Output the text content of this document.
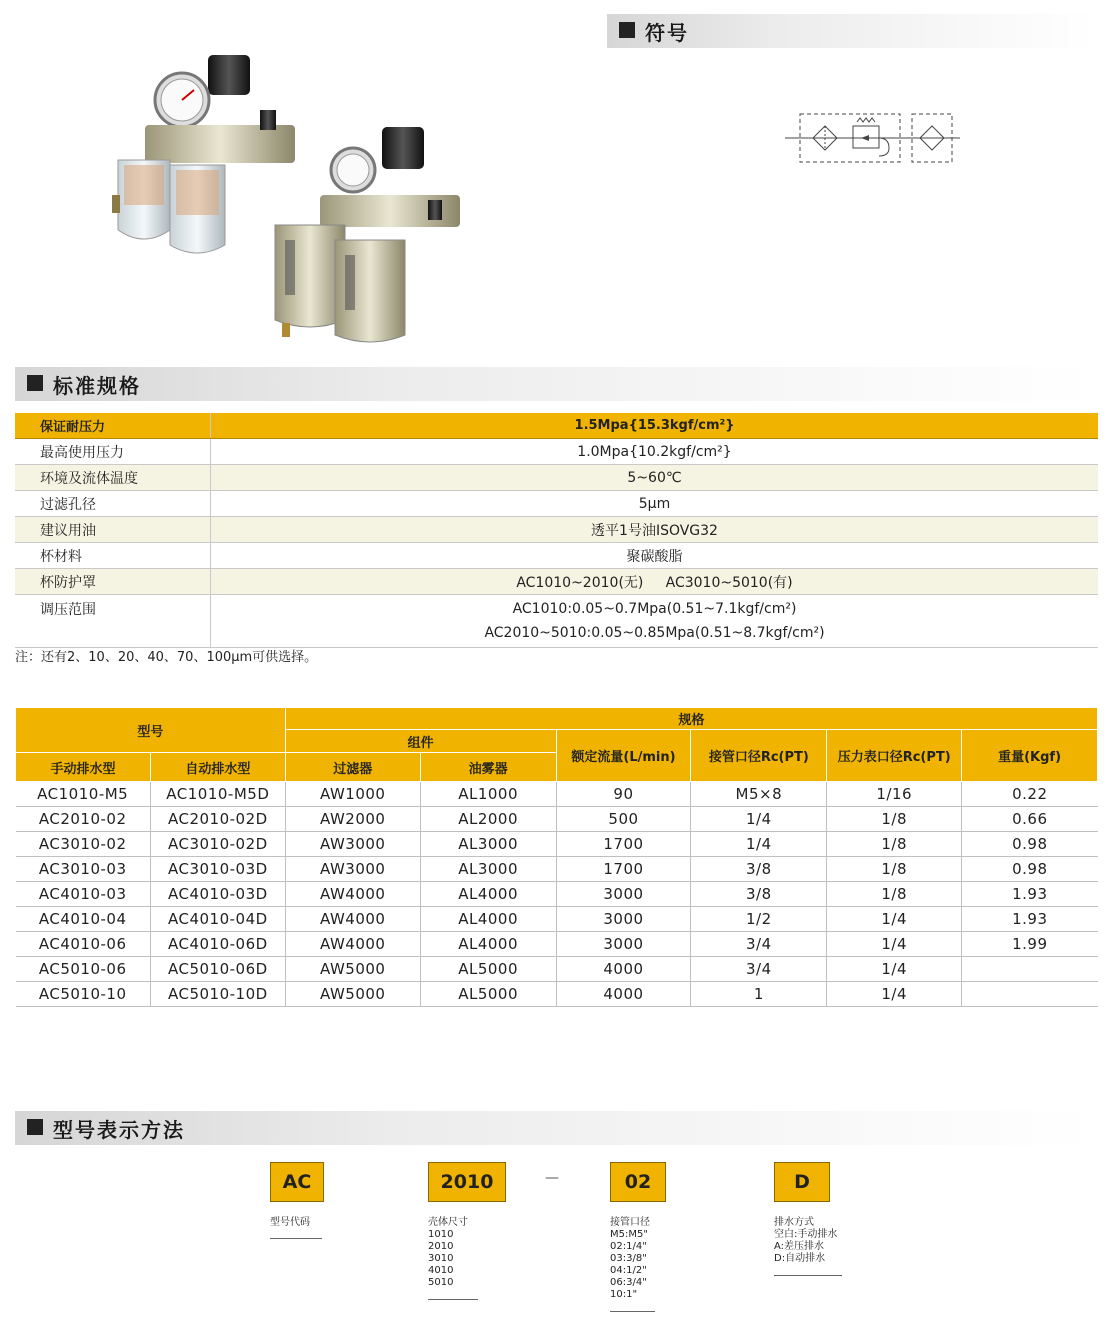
符号
标准规格
保证耐压力	1.5Mpa{15.3kgf/cm²}
最高使用压力	1.0Mpa{10.2kgf/cm²}
环境及流体温度	5~60℃
过滤孔径	5μm
建议用油	透平1号油ISOVG32
杯材料	聚碳酸脂
杯防护罩	AC1010~2010(无)     AC3010~5010(有)
调压范围	AC1010:0.05~0.7Mpa(0.51~7.1kgf/cm²)
AC2010~5010:0.05~0.85Mpa(0.51~8.7kgf/cm²)
注：还有2、10、20、40、70、100μm可供选择。
型号		规格					
		组件		额定流量(L/min)	接管口径Rc(PT)	压力表口径Rc(PT)	重量(Kgf)
手动排水型	自动排水型	过滤器	油雾器				
AC1010-M5	AC1010-M5D	AW1000	AL1000	90	M5×8	1/16	0.22
AC2010-02	AC2010-02D	AW2000	AL2000	500	1/4	1/8	0.66
AC3010-02	AC3010-02D	AW3000	AL3000	1700	1/4	1/8	0.98
AC3010-03	AC3010-03D	AW3000	AL3000	1700	3/8	1/8	0.98
AC4010-03	AC4010-03D	AW4000	AL4000	3000	3/8	1/8	1.93
AC4010-04	AC4010-04D	AW4000	AL4000	3000	1/2	1/4	1.93
AC4010-06	AC4010-06D	AW4000	AL4000	3000	3/4	1/4	1.99
AC5010-06	AC5010-06D	AW5000	AL5000	4000	3/4	1/4	
AC5010-10	AC5010-10D	AW5000	AL5000	4000	1	1/4	
型号表示方法
AC
型号代码
2010
壳体尺寸
1010
2010
3010
4010
5010
—	02
接管口径
M5:M5"
02:1/4"
03:3/8"
04:1/2"
06:3/4"
10:1"
D
排水方式
空白:手动排水
A:差压排水
D:自动排水
